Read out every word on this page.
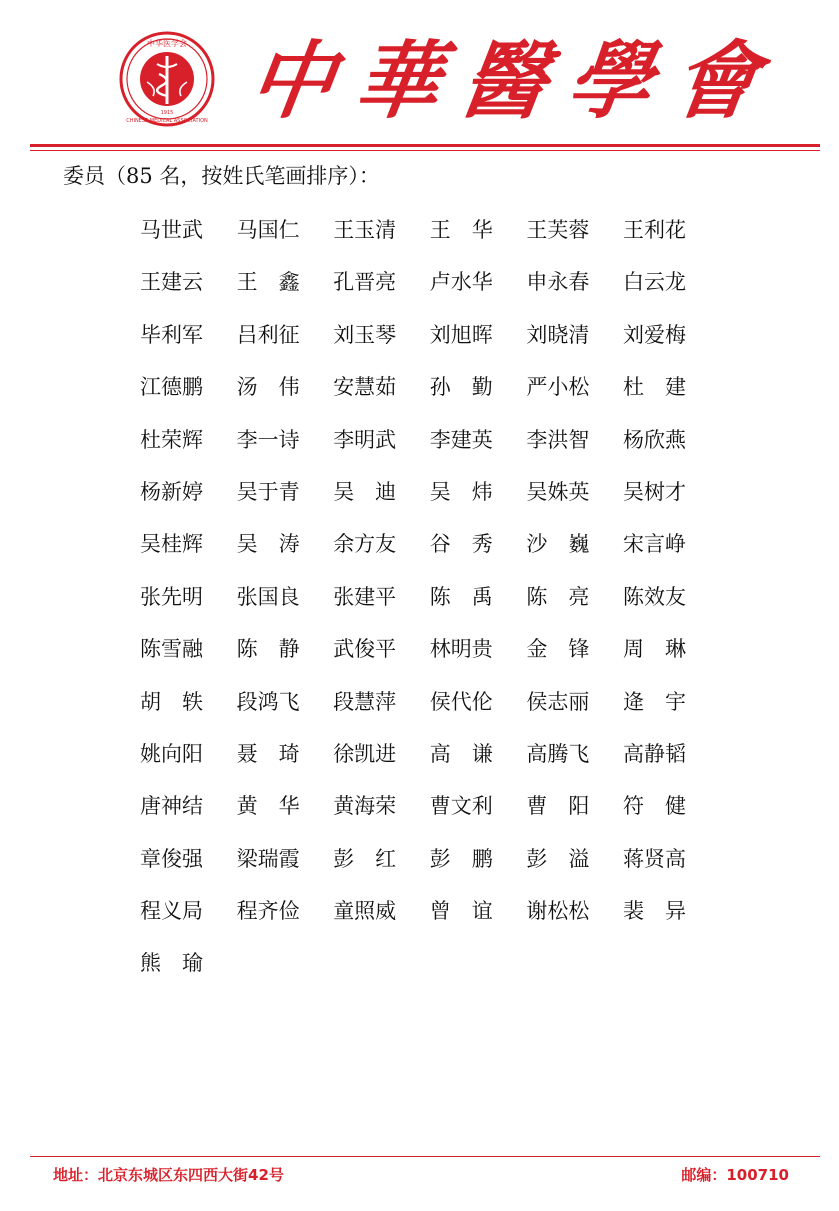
中华医学会
CHINESE MEDICAL ASSOCIATION
1915 中 華 醫 學 會
委员（85 名，按姓氏笔画排序）：
马世武	马国仁	王玉清	王　华	王芙蓉	王利花
王建云	王　鑫	孔晋亮	卢水华	申永春	白云龙
毕利军	吕利征	刘玉琴	刘旭晖	刘晓清	刘爱梅
江德鹏	汤　伟	安慧茹	孙　勤	严小松	杜　建
杜荣辉	李一诗	李明武	李建英	李洪智	杨欣燕
杨新婷	吴于青	吴　迪	吴　炜	吴姝英	吴树才
吴桂辉	吴　涛	余方友	谷　秀	沙　巍	宋言峥
张先明	张国良	张建平	陈　禹	陈　亮	陈效友
陈雪融	陈　静	武俊平	林明贵	金　锋	周　琳
胡　轶	段鸿飞	段慧萍	侯代伦	侯志丽	逄　宇
姚向阳	聂　琦	徐凯进	高　谦	高腾飞	高静韬
唐神结	黄　华	黄海荣	曹文利	曹　阳	符　健
章俊强	梁瑞霞	彭　红	彭　鹏	彭　溢	蒋贤高
程义局	程齐俭	童照威	曾　谊	谢松松	裴　异
熊　瑜
地址：北京东城区东四西大街42号	邮编：100710
